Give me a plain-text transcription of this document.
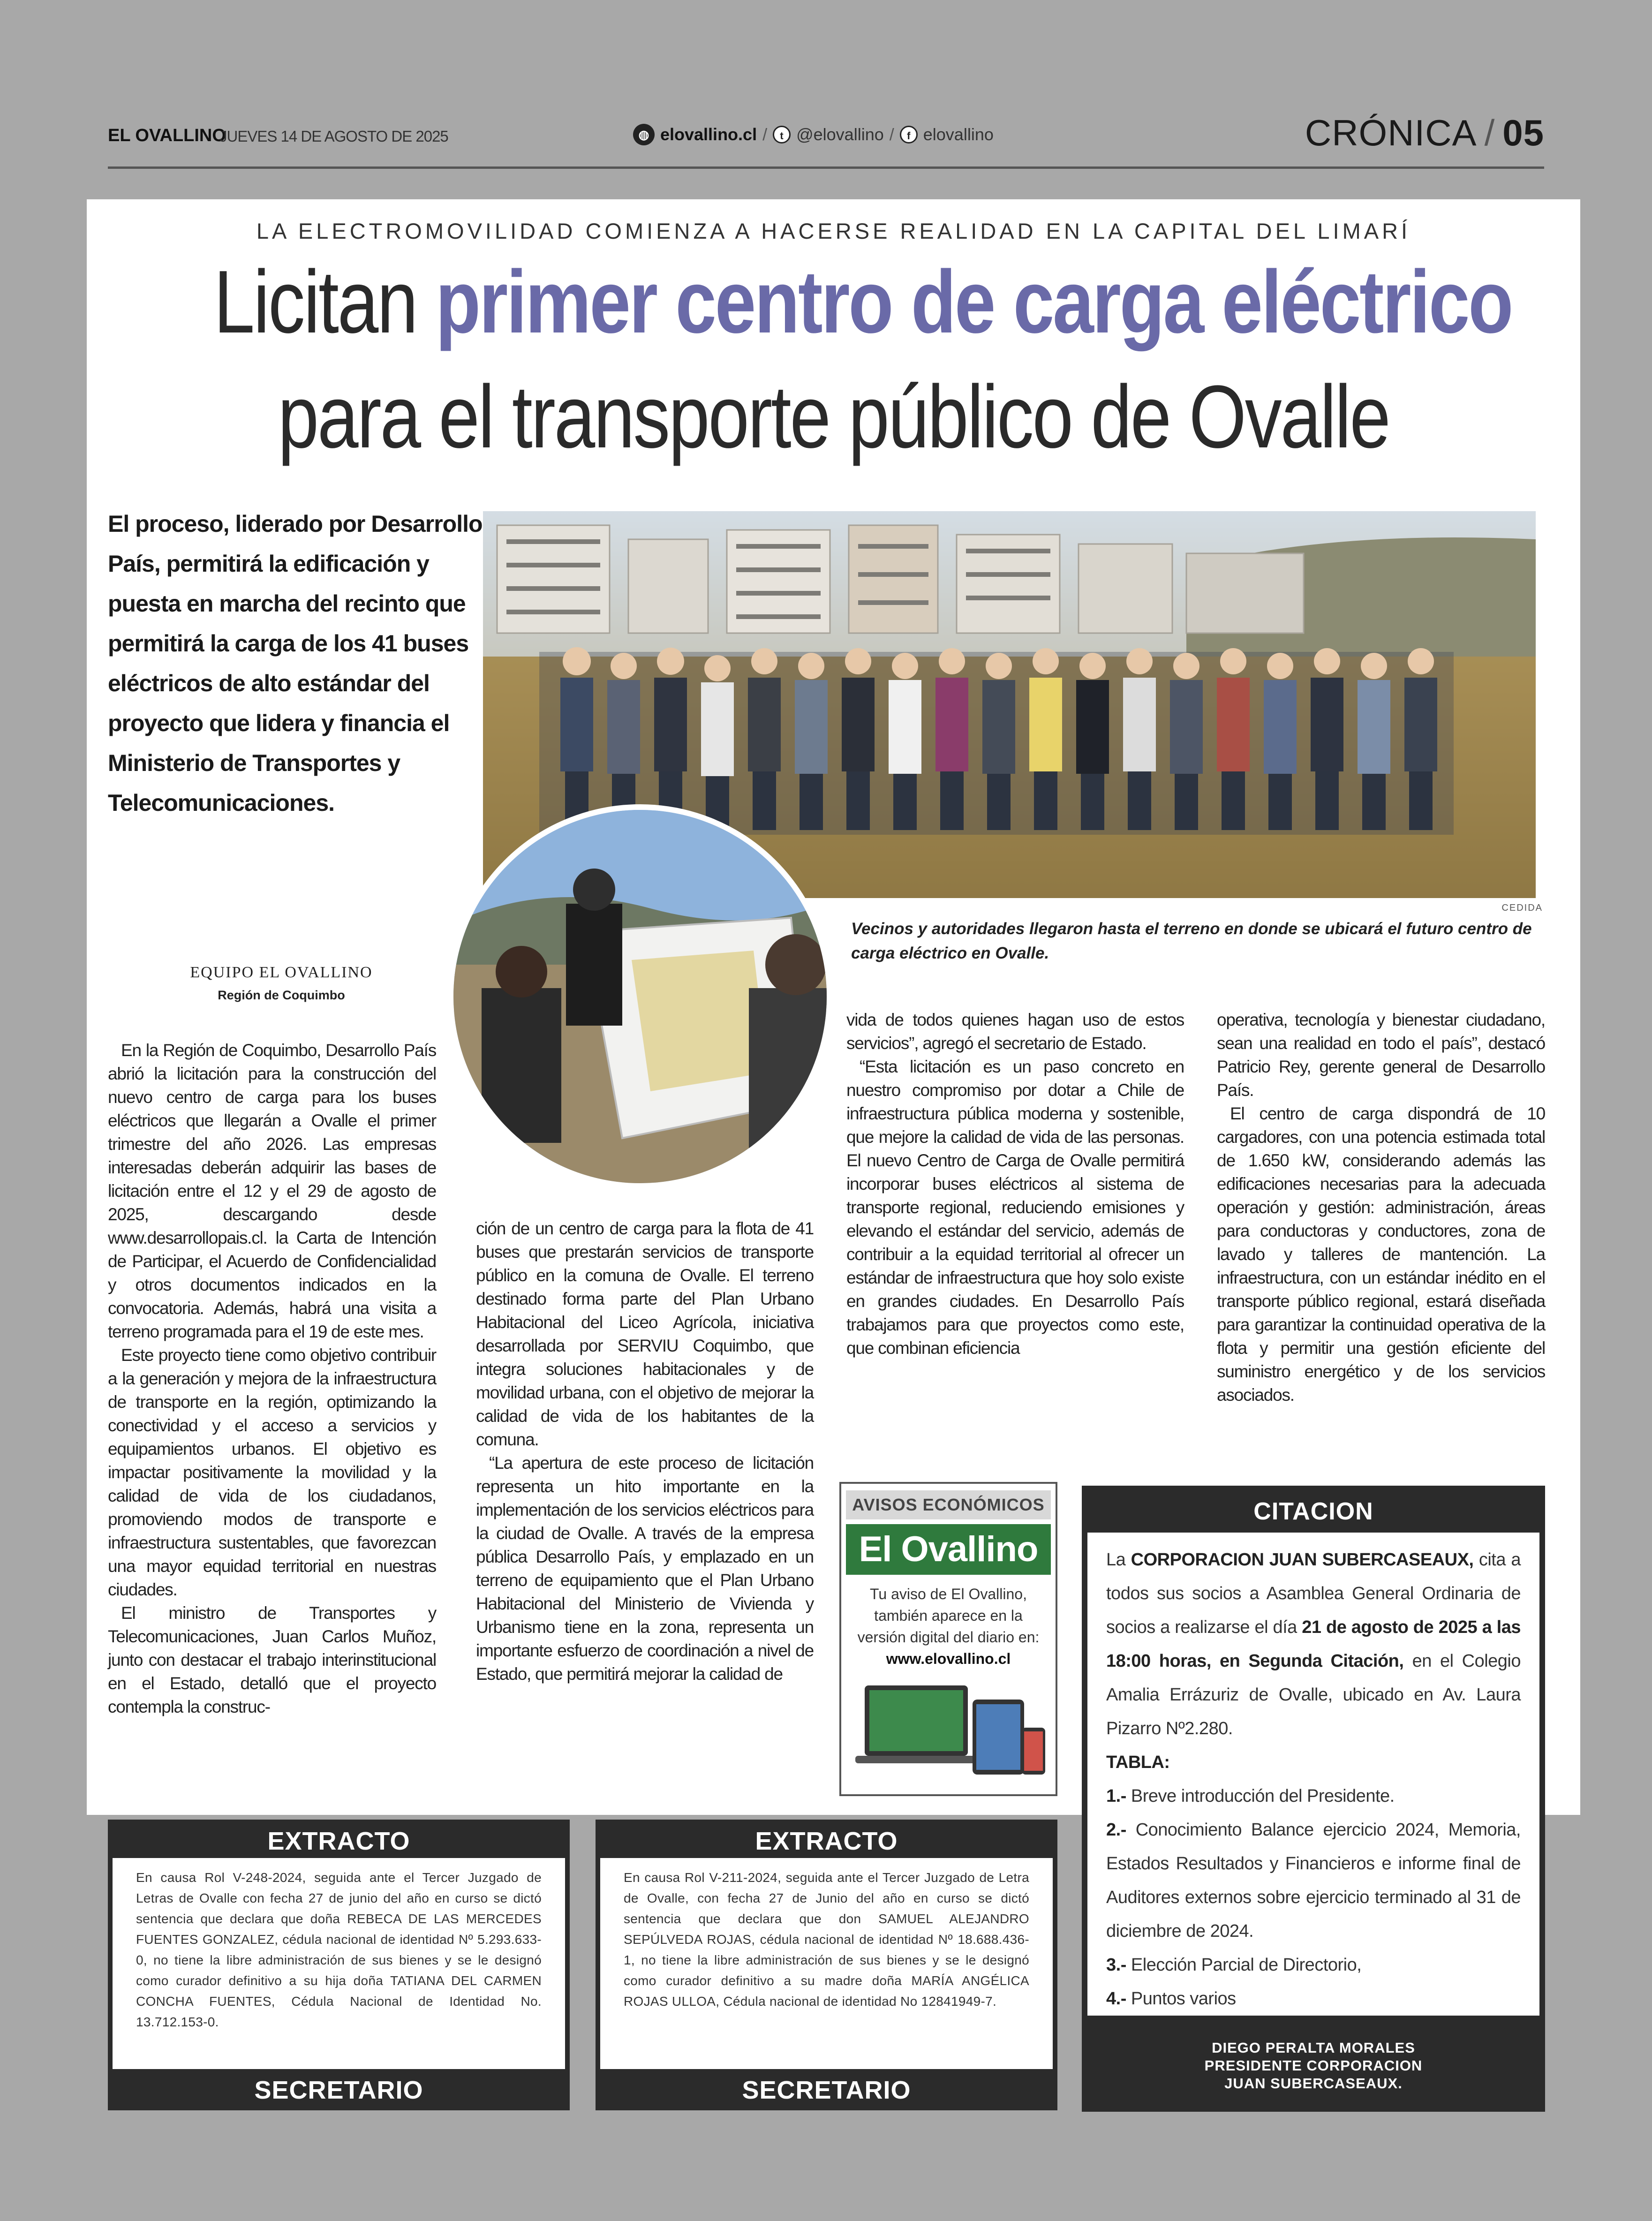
EL OVALLINO
JUEVES 14 DE AGOSTO DE 2025	◍ elovallino.cl /	t @elovallino /	f elovallino	CRÓNICA / 05
LA ELECTROMOVILIDAD COMIENZA A HACERSE REALIDAD EN LA CAPITAL DEL LIMARÍ
Licitan primer centro de carga eléctrico
para el transporte público de Ovalle
El proceso, liderado por Desarrollo País, permitirá la edificación y puesta en marcha del recinto que permitirá la carga de los 41 buses eléctricos de alto estándar del proyecto que lidera y financia el Ministerio de Transportes y Telecomunicaciones.
CEDIDA
Vecinos y autoridades llegaron hasta el terreno en donde se ubicará el futuro centro de carga eléctrico en Ovalle.
EQUIPO EL OVALLINO
Región de Coquimbo

En la Región de Coquimbo, Desarrollo País abrió la licitación para la construcción del nuevo centro de carga para los buses eléctricos que llegarán a Ovalle el primer trimestre del año 2026. Las empresas interesadas deberán adquirir las bases de licitación entre el 12 y el 29 de agosto de 2025, descargando desde www.desarrollopais.cl. la Carta de Intención de Participar, el Acuerdo de Confidencialidad y otros documentos indicados en la convocatoria. Además, habrá una visita a terreno programada para el 19 de este mes.

Este proyecto tiene como objetivo contribuir a la generación y mejora de la infraestructura de transporte en la región, optimizando la conectividad y el acceso a servicios y equipamientos urbanos. El objetivo es impactar positivamente la movilidad y la calidad de vida de los ciudadanos, promoviendo modos de transporte e infraestructura sustentables, que favorezcan una mayor equidad territorial en nuestras ciudades.

El ministro de Transportes y Telecomunicaciones, Juan Carlos Muñoz, junto con destacar el trabajo interinstitucional en el Estado, detalló que el proyecto contempla la construc-

ción de un centro de carga para la flota de 41 buses que prestarán servicios de transporte público en la comuna de Ovalle. El terreno destinado forma parte del Plan Urbano Habitacional del Liceo Agrícola, iniciativa desarrollada por SERVIU Coquimbo, que integra soluciones habitacionales y de movilidad urbana, con el objetivo de mejorar la calidad de vida de los habitantes de la comuna.

“La apertura de este proceso de licitación representa un hito importante en la implementación de los servicios eléctricos para la ciudad de Ovalle. A través de la empresa pública Desarrollo País, y emplazado en un terreno de equipamiento que el Plan Urbano Habitacional del Ministerio de Vivienda y Urbanismo tiene en la zona, representa un importante esfuerzo de coordinación a nivel de Estado, que permitirá mejorar la calidad de

vida de todos quienes hagan uso de estos servicios”, agregó el secretario de Estado.

“Esta licitación es un paso concreto en nuestro compromiso por dotar a Chile de infraestructura pública moderna y sostenible, que mejore la calidad de vida de las personas. El nuevo Centro de Carga de Ovalle permitirá incorporar buses eléctricos al sistema de transporte regional, reduciendo emisiones y elevando el estándar del servicio, además de contribuir a la equidad territorial al ofrecer un estándar de infraestructura que hoy solo existe en grandes ciudades. En Desarrollo País trabajamos para que proyectos como este, que combinan eficiencia

operativa, tecnología y bienestar ciudadano, sean una realidad en todo el país”, destacó Patricio Rey, gerente general de Desarrollo País.

El centro de carga dispondrá de 10 cargadores, con una potencia estimada total de 1.650 kW, considerando además las edificaciones necesarias para la adecuada operación y gestión: administración, áreas para conductoras y conductores, zona de lavado y talleres de mantención. La infraestructura, con un estándar inédito en el transporte público regional, estará diseñada para garantizar la continuidad operativa de la flota y permitir una gestión eficiente del suministro energético y de los servicios asociados.

AVISOS ECONÓMICOS
El Ovallino
Tu aviso de El Ovallino, también aparece en la versión digital del diario en: www.elovallino.cl
CITACION

La CORPORACION JUAN SUBERCASEAUX, cita a todos sus socios a Asamblea General Ordinaria de socios a realizarse el día 21 de agosto de 2025 a las 18:00 horas, en Segunda Citación, en el Colegio Amalia Errázuriz de Ovalle, ubicado en Av. Laura Pizarro Nº2.280.

TABLA:

1.- Breve introducción del Presidente.

2.- Conocimiento Balance ejercicio 2024, Memoria, Estados Resultados y Financieros e informe final de Auditores externos sobre ejercicio terminado al 31 de diciembre de 2024.

3.- Elección Parcial de Directorio,

4.- Puntos varios

DIEGO PERALTA MORALES
PRESIDENTE CORPORACION
JUAN SUBERCASEAUX.
EXTRACTO
En causa Rol V-248-2024, seguida ante el Tercer Juzgado de Letras de Ovalle con fecha 27 de junio del año en curso se dictó sentencia que declara que doña REBECA DE LAS MERCEDES FUENTES GONZALEZ, cédula nacional de identidad Nº 5.293.633-0, no tiene la libre administración de sus bienes y se le designó como curador definitivo a su hija doña TATIANA DEL CARMEN CONCHA FUENTES, Cédula Nacional de Identidad No. 13.712.153-0.
SECRETARIO
EXTRACTO
En causa Rol V-211-2024, seguida ante el Tercer Juzgado de Letra de Ovalle, con fecha 27 de Junio del año en curso se dictó sentencia que declara que don SAMUEL ALEJANDRO SEPÚLVEDA ROJAS, cédula nacional de identidad Nº 18.688.436-1, no tiene la libre administración de sus bienes y se le designó como curador definitivo a su madre doña MARÍA ANGÉLICA ROJAS ULLOA, Cédula nacional de identidad No 12841949-7.
SECRETARIO
